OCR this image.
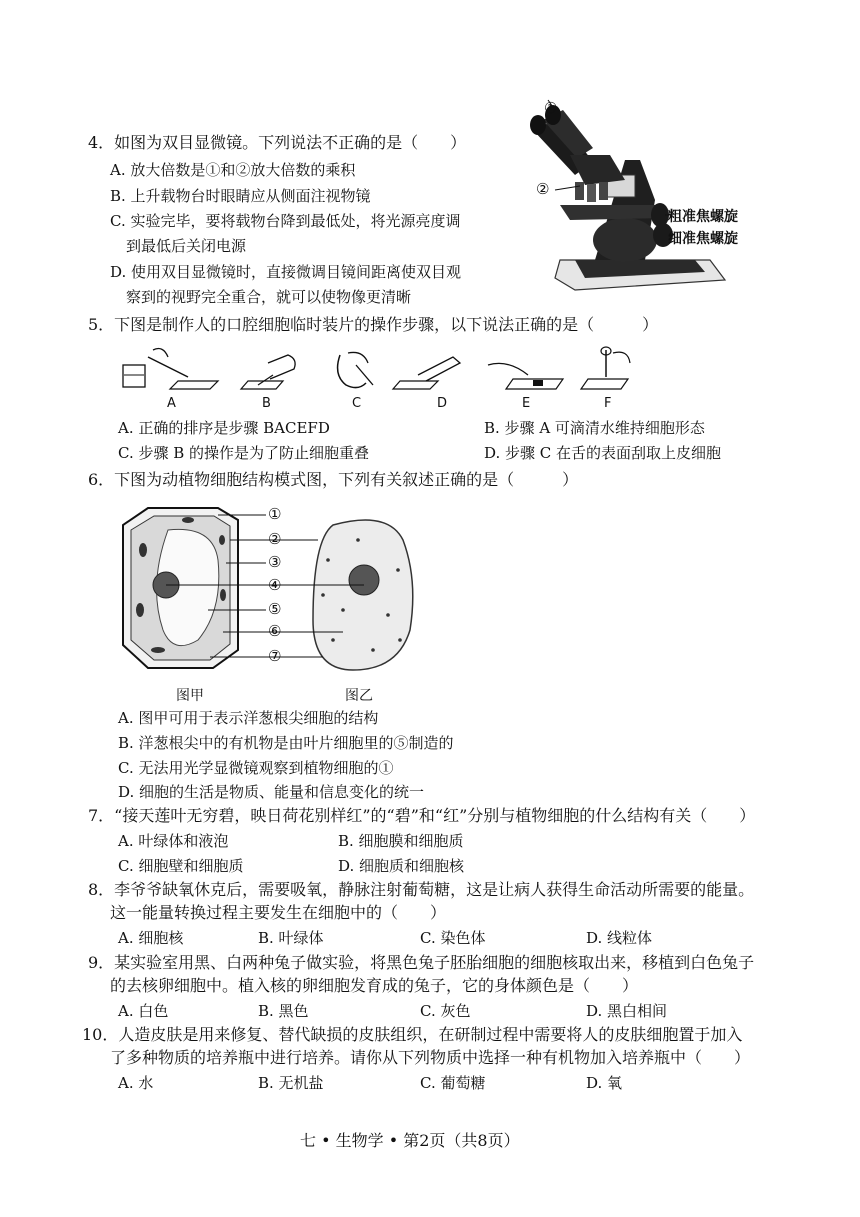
4．如图为双目显微镜。下列说法不正确的是（　　）
A. 放大倍数是①和②放大倍数的乘积
B. 上升载物台时眼睛应从侧面注视物镜
C. 实验完毕，要将载物台降到最低处，将光源亮度调
到最低后关闭电源
D. 使用双目显微镜时，直接微调目镜间距离使双目观
察到的视野完全重合，就可以使物像更清晰
①
②
粗准焦螺旋
细准焦螺旋
5．下图是制作人的口腔细胞临时装片的操作步骤，以下说法正确的是（　　　）
A	B	C	D	E	F
A. 正确的排序是步骤 BACEFD	B. 步骤 A 可滴清水维持细胞形态
C. 步骤 B 的操作是为了防止细胞重叠	D. 步骤 C 在舌的表面刮取上皮细胞
6．下图为动植物细胞结构模式图，下列有关叙述正确的是（　　　）
①
②
③
④
⑤
⑥
⑦
图甲	图乙
A. 图甲可用于表示洋葱根尖细胞的结构
B. 洋葱根尖中的有机物是由叶片细胞里的⑤制造的
C. 无法用光学显微镜观察到植物细胞的①
D. 细胞的生活是物质、能量和信息变化的统一
7．“接天莲叶无穷碧，映日荷花别样红”的“碧”和“红”分别与植物细胞的什么结构有关（　　）
A. 叶绿体和液泡	B. 细胞膜和细胞质
C. 细胞壁和细胞质	D. 细胞质和细胞核
8．李爷爷缺氧休克后，需要吸氧，静脉注射葡萄糖，这是让病人获得生命活动所需要的能量。
这一能量转换过程主要发生在细胞中的（　　）
A. 细胞核	B. 叶绿体	C. 染色体	D. 线粒体
9．某实验室用黑、白两种兔子做实验，将黑色兔子胚胎细胞的细胞核取出来，移植到白色兔子
的去核卵细胞中。植入核的卵细胞发育成的兔子，它的身体颜色是（　　）
A. 白色	B. 黑色	C. 灰色	D. 黑白相间
10．人造皮肤是用来修复、替代缺损的皮肤组织，在研制过程中需要将人的皮肤细胞置于加入
了多种物质的培养瓶中进行培养。请你从下列物质中选择一种有机物加入培养瓶中（　　）
A. 水	B. 无机盐	C. 葡萄糖	D. 氧
七 • 生物学 • 第2页（共8页）
